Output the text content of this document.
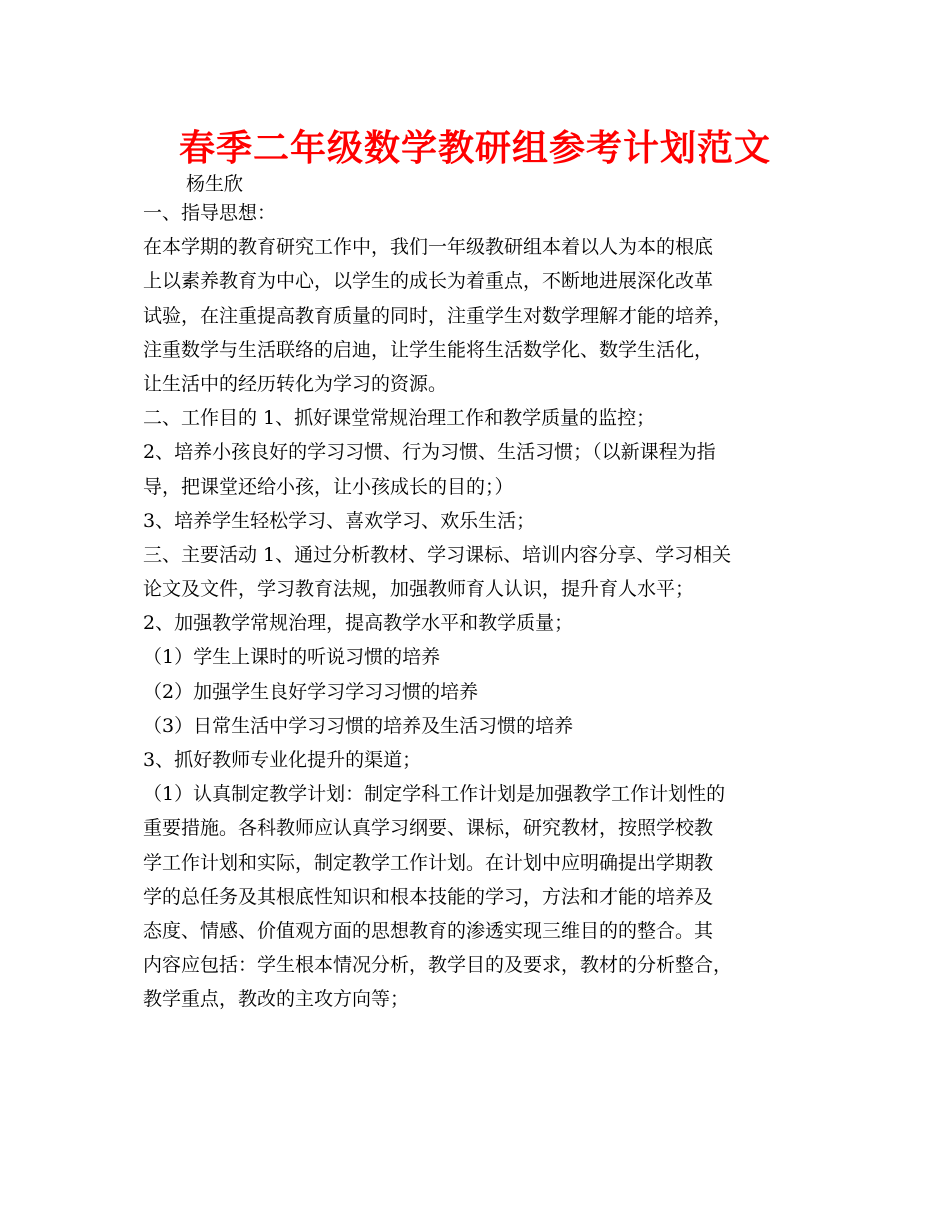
春季二年级数学教研组参考计划范文
杨生欣
一、指导思想：
在本学期的教育研究工作中，我们一年级教研组本着以人为本的根底
上以素养教育为中心，以学生的成长为着重点，不断地进展深化改革
试验，在注重提高教育质量的同时，注重学生对数学理解才能的培养，
注重数学与生活联络的启迪，让学生能将生活数学化、数学生活化，
让生活中的经历转化为学习的资源。
二、工作目的 1、抓好课堂常规治理工作和教学质量的监控；
2、培养小孩良好的学习习惯、行为习惯、生活习惯；（以新课程为指
导，把课堂还给小孩，让小孩成长的目的；）
3、培养学生轻松学习、喜欢学习、欢乐生活；
三、主要活动 1、通过分析教材、学习课标、培训内容分享、学习相关
论文及文件，学习教育法规，加强教师育人认识，提升育人水平；
2、加强教学常规治理，提高教学水平和教学质量；
（1）学生上课时的听说习惯的培养
（2）加强学生良好学习学习习惯的培养
（3）日常生活中学习习惯的培养及生活习惯的培养
3、抓好教师专业化提升的渠道；
（1）认真制定教学计划：制定学科工作计划是加强教学工作计划性的
重要措施。各科教师应认真学习纲要、课标，研究教材，按照学校教
学工作计划和实际，制定教学工作计划。在计划中应明确提出学期教
学的总任务及其根底性知识和根本技能的学习，方法和才能的培养及
态度、情感、价值观方面的思想教育的渗透实现三维目的的整合。其
内容应包括：学生根本情况分析，教学目的及要求，教材的分析整合，
教学重点，教改的主攻方向等；
